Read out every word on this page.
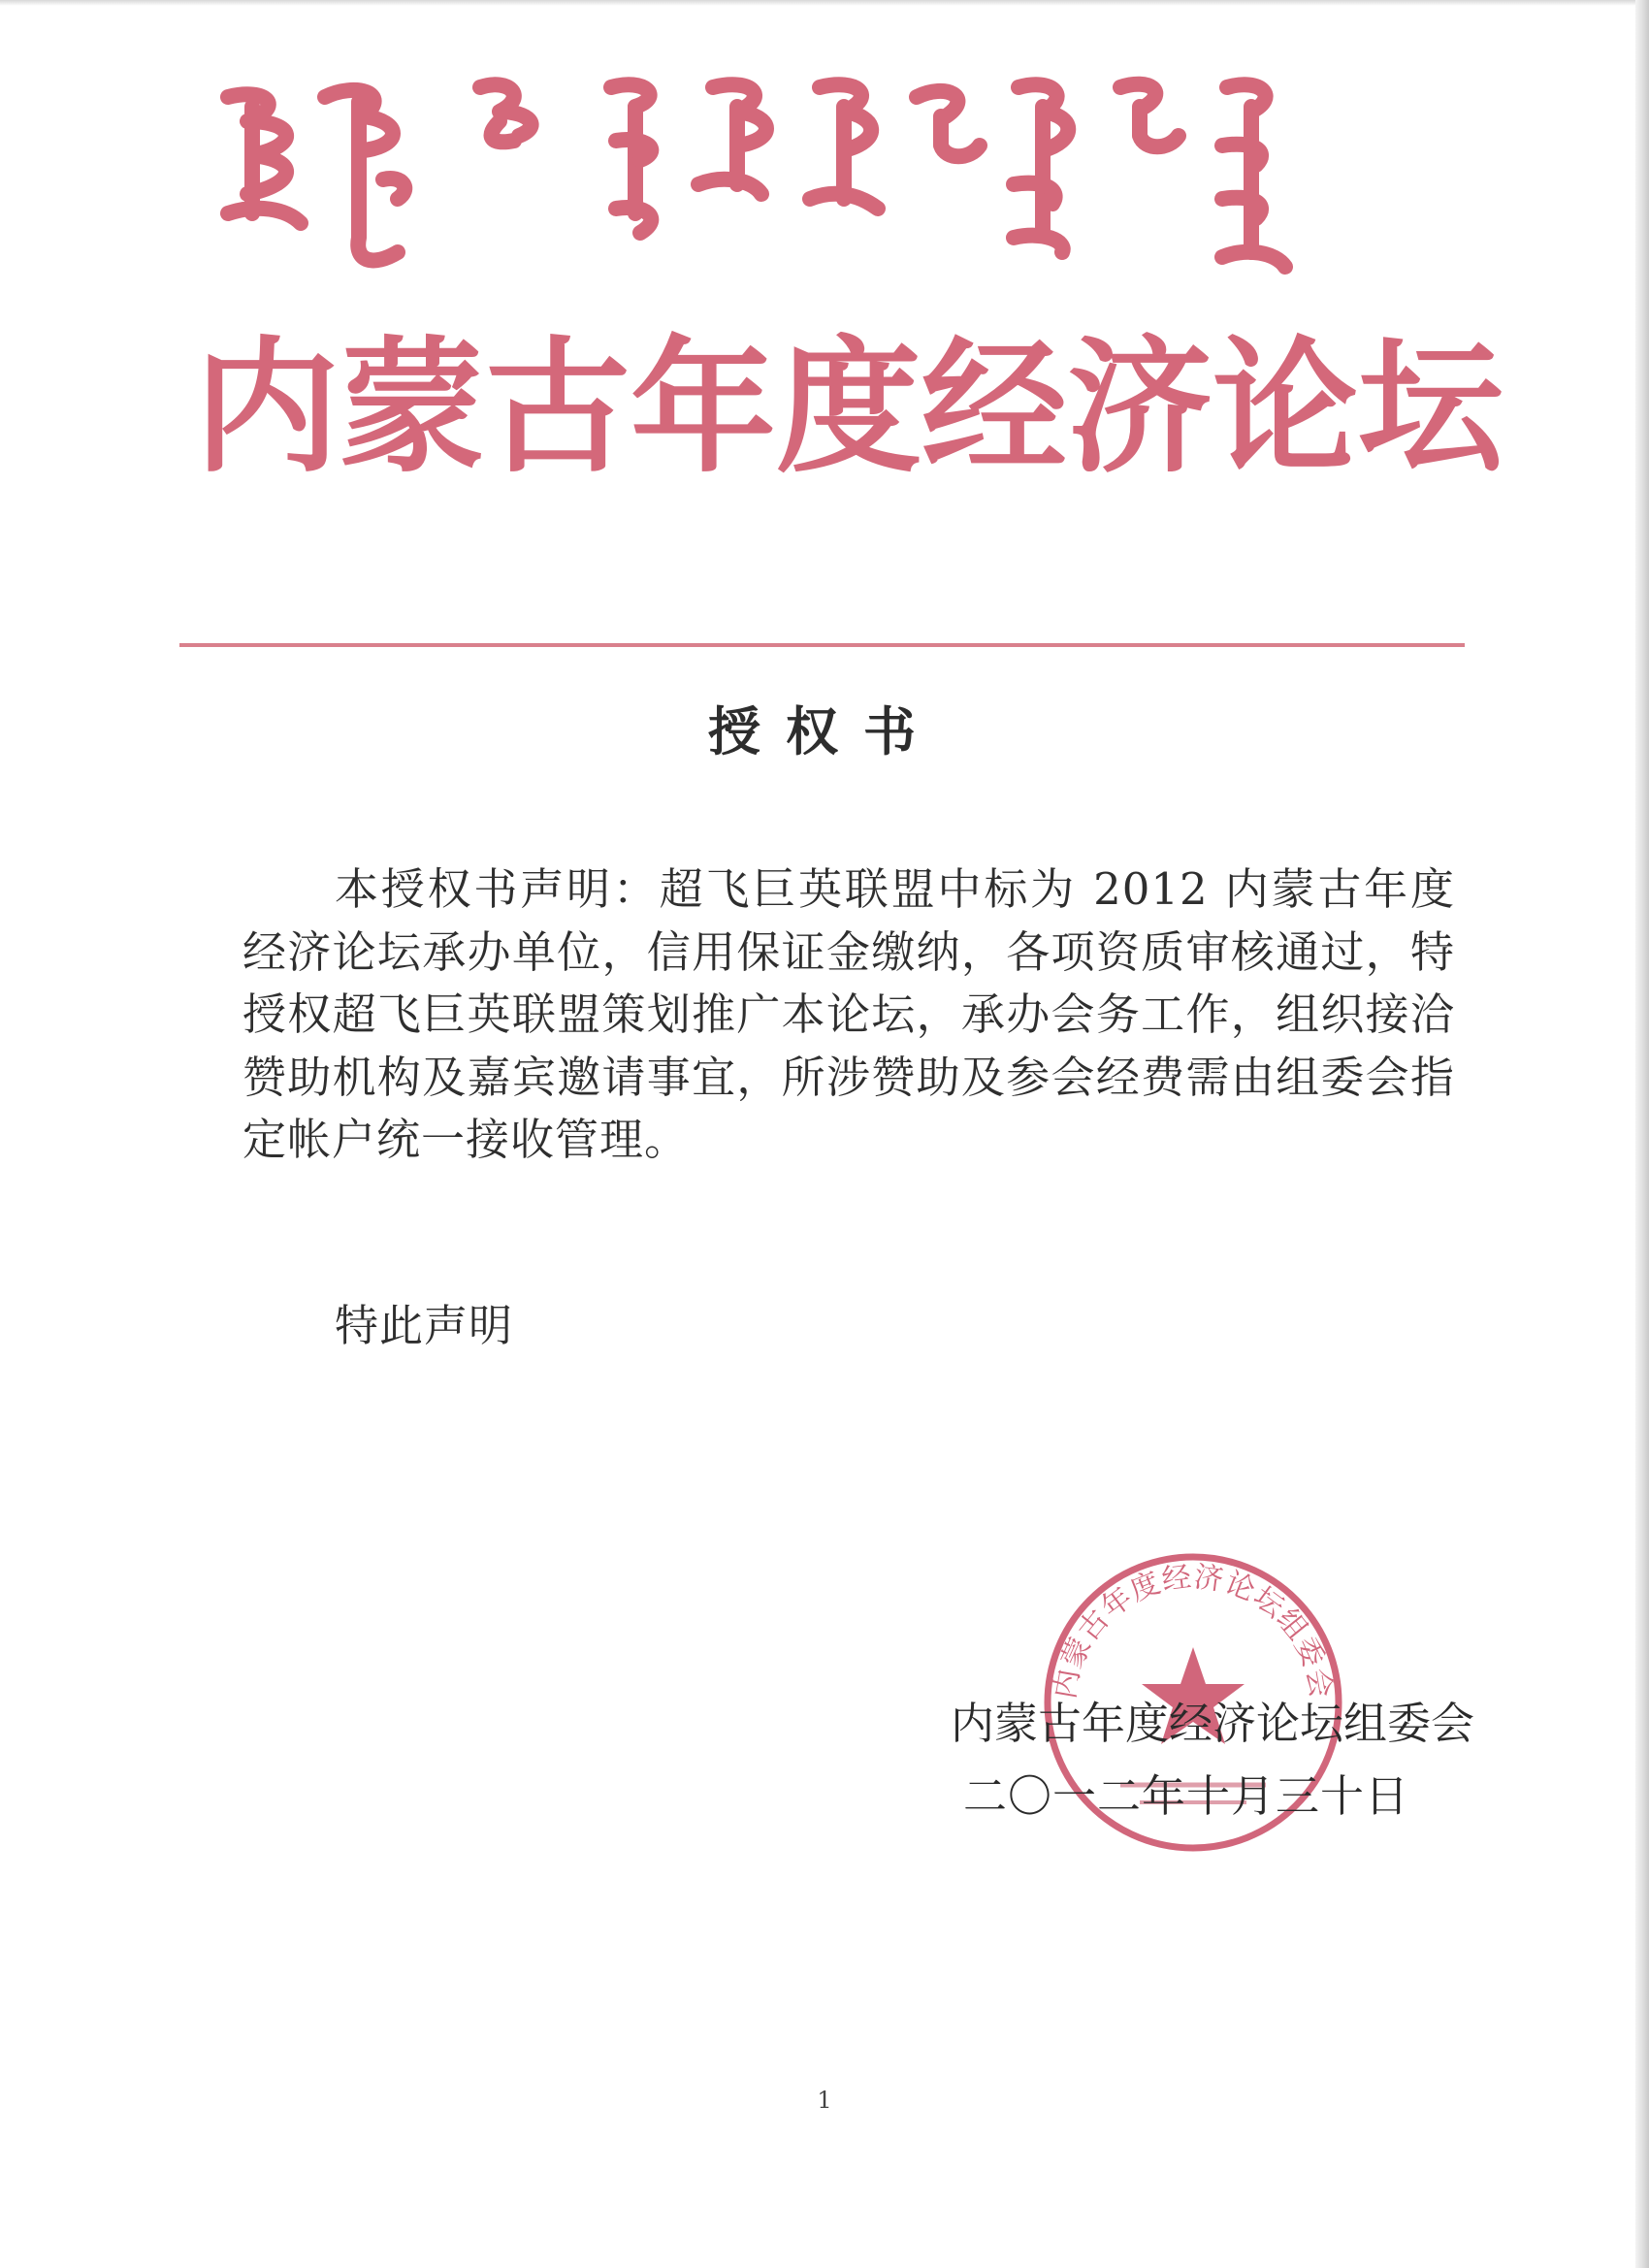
内蒙古年度经济论坛
授权书

本授权书声明：超飞巨英联盟中标为 2012 内蒙古年度经济论坛承办单位，信用保证金缴纳，各项资质审核通过，特授权超飞巨英联盟策划推广本论坛，承办会务工作，组织接洽赞助机构及嘉宾邀请事宜，所涉赞助及参会经费需由组委会指定帐户统一接收管理。

特此声明

内蒙古年度经济论坛组委会

内蒙古年度经济论坛组委会

二〇一二年十月三十日

1
